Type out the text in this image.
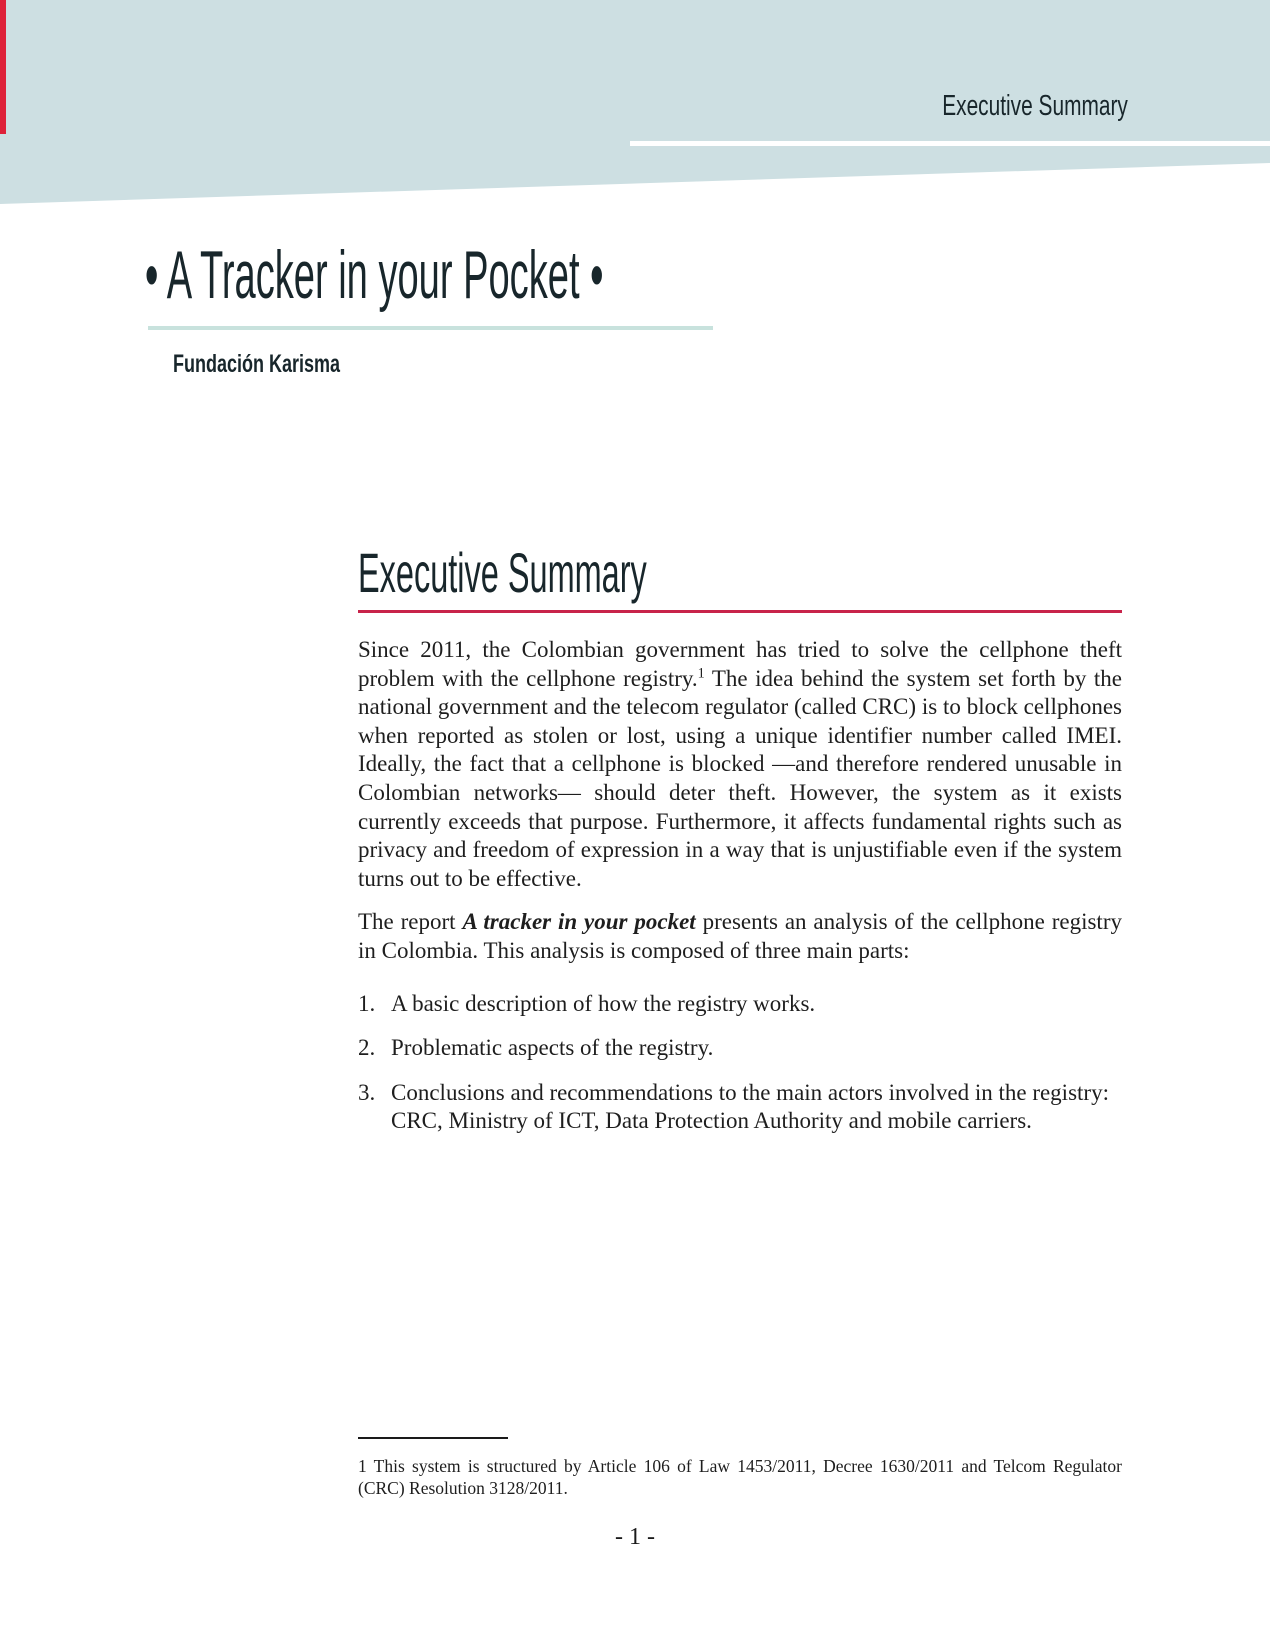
Executive Summary
• A Tracker in your Pocket •
Fundación Karisma
Executive Summary

Since 2011, the Colombian government has tried to solve the cellphone theft problem with the cellphone registry.$^1$ The idea behind the system set forth by the national government and the telecom regulator (called CRC) is to block cellphones when reported as stolen or lost, using a unique identifier number called IMEI. Ideally, the fact that a cellphone is blocked —and therefore rendered unusable in Colombian networks— should deter theft. However, the system as it exists currently exceeds that purpose. Furthermore, it affects fundamental rights such as privacy and freedom of expression in a way that is unjustifiable even if the system turns out to be effective.

The report A tracker in your pocket presents an analysis of the cellphone registry in Colombia. This analysis is composed of three main parts:

1. A basic description of how the registry works.
2. Problematic aspects of the registry.
3. Conclusions and recommendations to the main actors involved in the registry: CRC, Ministry of ICT, Data Protection Authority and mobile carriers.
1 This system is structured by Article 106 of Law 1453/2011, Decree 1630/2011 and Telcom Regulator (CRC) Resolution 3128/2011.
- 1 -
